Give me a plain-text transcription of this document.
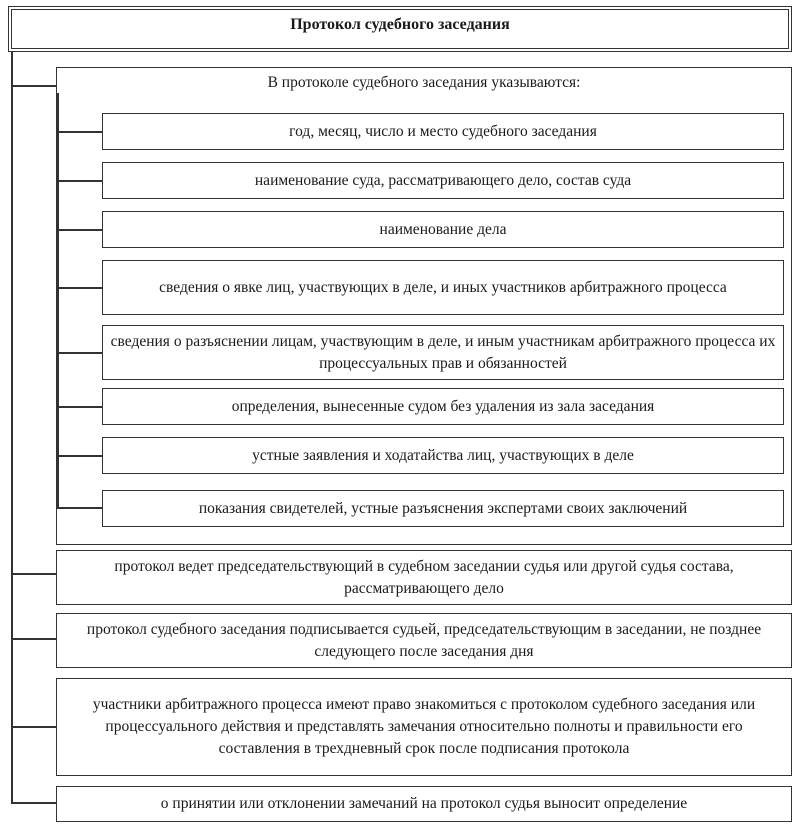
Протокол судебного заседания
В протоколе судебного заседания указываются:
год, месяц, число и место судебного заседания
наименование суда, рассматривающего дело, состав суда
наименование дела
сведения о явке лиц, участвующих в деле, и иных участников арбитражного процесса
сведения о разъяснении лицам, участвующим в деле, и иным участникам арбитражного процесса их процессуальных прав и обязанностей
определения, вынесенные судом без удаления из зала заседания
устные заявления и ходатайства лиц, участвующих в деле
показания свидетелей, устные разъяснения экспертами своих заключений
протокол ведет председательствующий в судебном заседании судья или другой судья состава, рассматривающего дело
протокол судебного заседания подписывается судьей, председательствующим в заседании, не позднее следующего после заседания дня
участники арбитражного процесса имеют право знакомиться с протоколом судебного заседания или процессуального действия и представлять замечания относительно полноты и правильности его составления в трехдневный срок после подписания протокола
о принятии или отклонении замечаний на протокол судья выносит определение
